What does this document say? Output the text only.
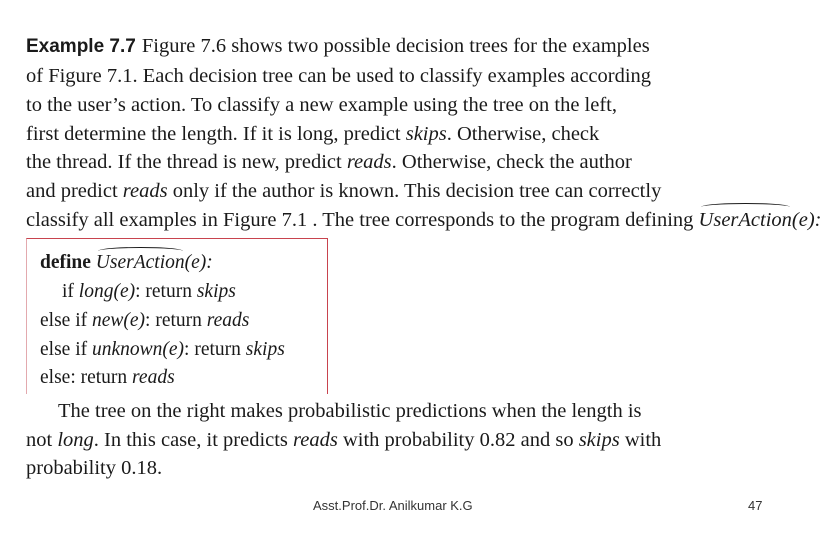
Example 7.7 Figure 7.6 shows two possible decision trees for the examples
of Figure 7.1. Each decision tree can be used to classify examples according
to the user’s action. To classify a new example using the tree on the left,
first determine the length. If it is long, predict skips. Otherwise, check
the thread. If the thread is new, predict reads. Otherwise, check the author
and predict reads only if the author is known. This decision tree can correctly
classify all examples in Figure 7.1 . The tree corresponds to the program defining UserAction(e):
define UserAction(e):
if long(e): return skips
else if new(e): return reads
else if unknown(e): return skips
else: return reads
The tree on the right makes probabilistic predictions when the length is
not long. In this case, it predicts reads with probability 0.82 and so skips with
probability 0.18.
Asst.Prof.Dr. Anilkumar K.G	47
